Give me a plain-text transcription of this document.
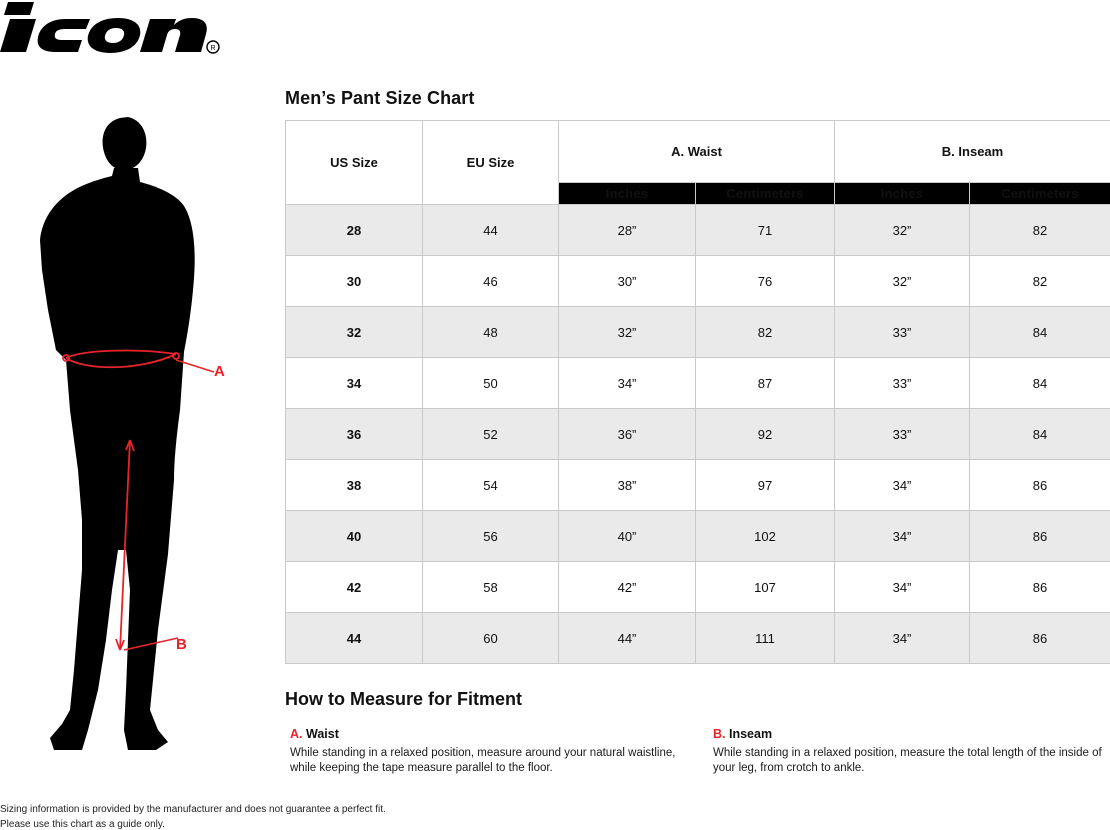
R
A
B
Men’s Pant Size Chart
US Size	EU Size	A. Waist		B. Inseam	
		Inches	Centimeters	Inches	Centimeters
28	44	28”	71	32”	82
30	46	30”	76	32”	82
32	48	32”	82	33”	84
34	50	34”	87	33”	84
36	52	36”	92	33”	84
38	54	38”	97	34”	86
40	56	40”	102	34”	86
42	58	42”	107	34”	86
44	60	44”	111	34”	86
How to Measure for Fitment
A. Waist
While standing in a relaxed position, measure around your natural waistline, while keeping the tape measure parallel to the floor.
B. Inseam
While standing in a relaxed position, measure the total length of the inside of your leg, from crotch to ankle.
Sizing information is provided by the manufacturer and does not guarantee a perfect fit.
Please use this chart as a guide only.
